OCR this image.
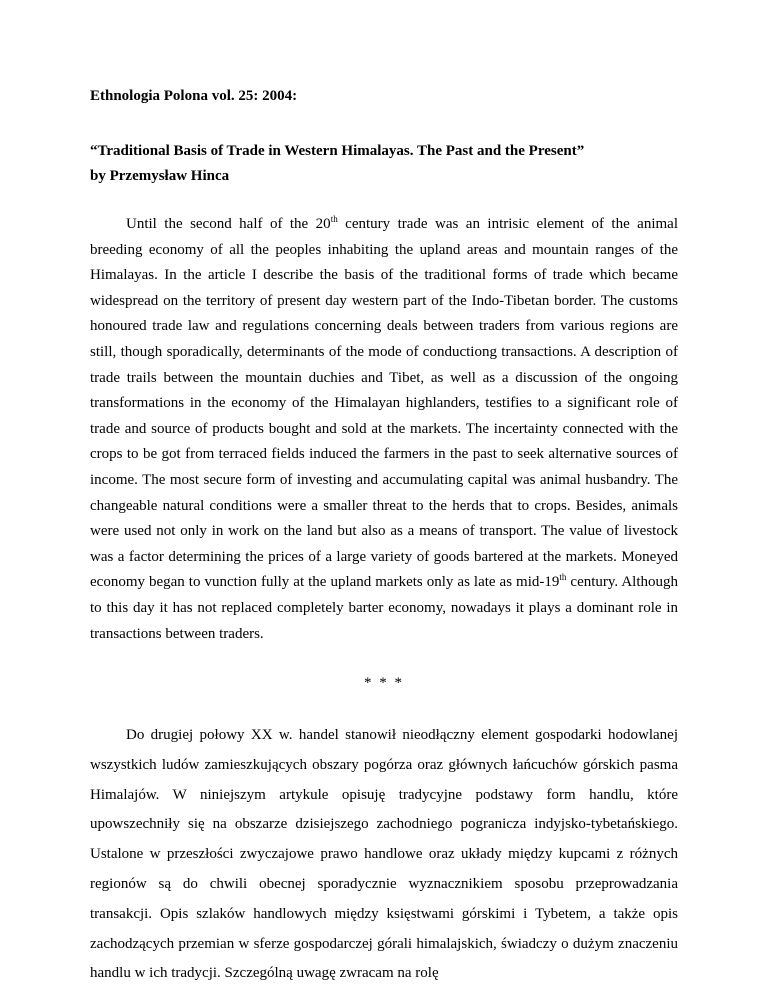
Ethnologia Polona vol. 25: 2004:
“Traditional Basis of Trade in Western Himalayas. The Past and the Present”
by Przemysław Hinca

Until the second half of the 20th century trade was an intrisic element of the animal breeding economy of all the peoples inhabiting the upland areas and mountain ranges of the Himalayas. In the article I describe the basis of the traditional forms of trade which became widespread on the territory of present day western part of the Indo-Tibetan border. The customs honoured trade law and regulations concerning deals between traders from various regions are still, though sporadically, determinants of the mode of conductiong transactions. A description of trade trails between the mountain duchies and Tibet, as well as a discussion of the ongoing transformations in the economy of the Himalayan highlanders, testifies to a significant role of trade and source of products bought and sold at the markets. The incertainty connected with the crops to be got from terraced fields induced the farmers in the past to seek alternative sources of income. The most secure form of investing and accumulating capital was animal husbandry. The changeable natural conditions were a smaller threat to the herds that to crops. Besides, animals were used not only in work on the land but also as a means of transport. The value of livestock was a factor determining the prices of a large variety of goods bartered at the markets. Moneyed economy began to vunction fully at the upland markets only as late as mid-19th century. Although to this day it has not replaced completely barter economy, nowadays it plays a dominant role in transactions between traders.

* * *

Do drugiej połowy XX w. handel stanowił nieodłączny element gospodarki hodowlanej wszystkich ludów zamieszkujących obszary pogórza oraz głównych łańcuchów górskich pasma Himalajów. W niniejszym artykule opisuję tradycyjne podstawy form handlu, które upowszechniły się na obszarze dzisiejszego zachodniego pogranicza indyjsko-tybetańskiego. Ustalone w przeszłości zwyczajowe prawo handlowe oraz układy między kupcami z różnych regionów są do chwili obecnej sporadycznie wyznacznikiem sposobu przeprowadzania transakcji. Opis szlaków handlowych między księstwami górskimi i Tybetem, a także opis zachodzących przemian w sferze gospodarczej górali himalajskich, świadczy o dużym znaczeniu handlu w ich tradycji. Szczególną uwagę zwracam na rolę
